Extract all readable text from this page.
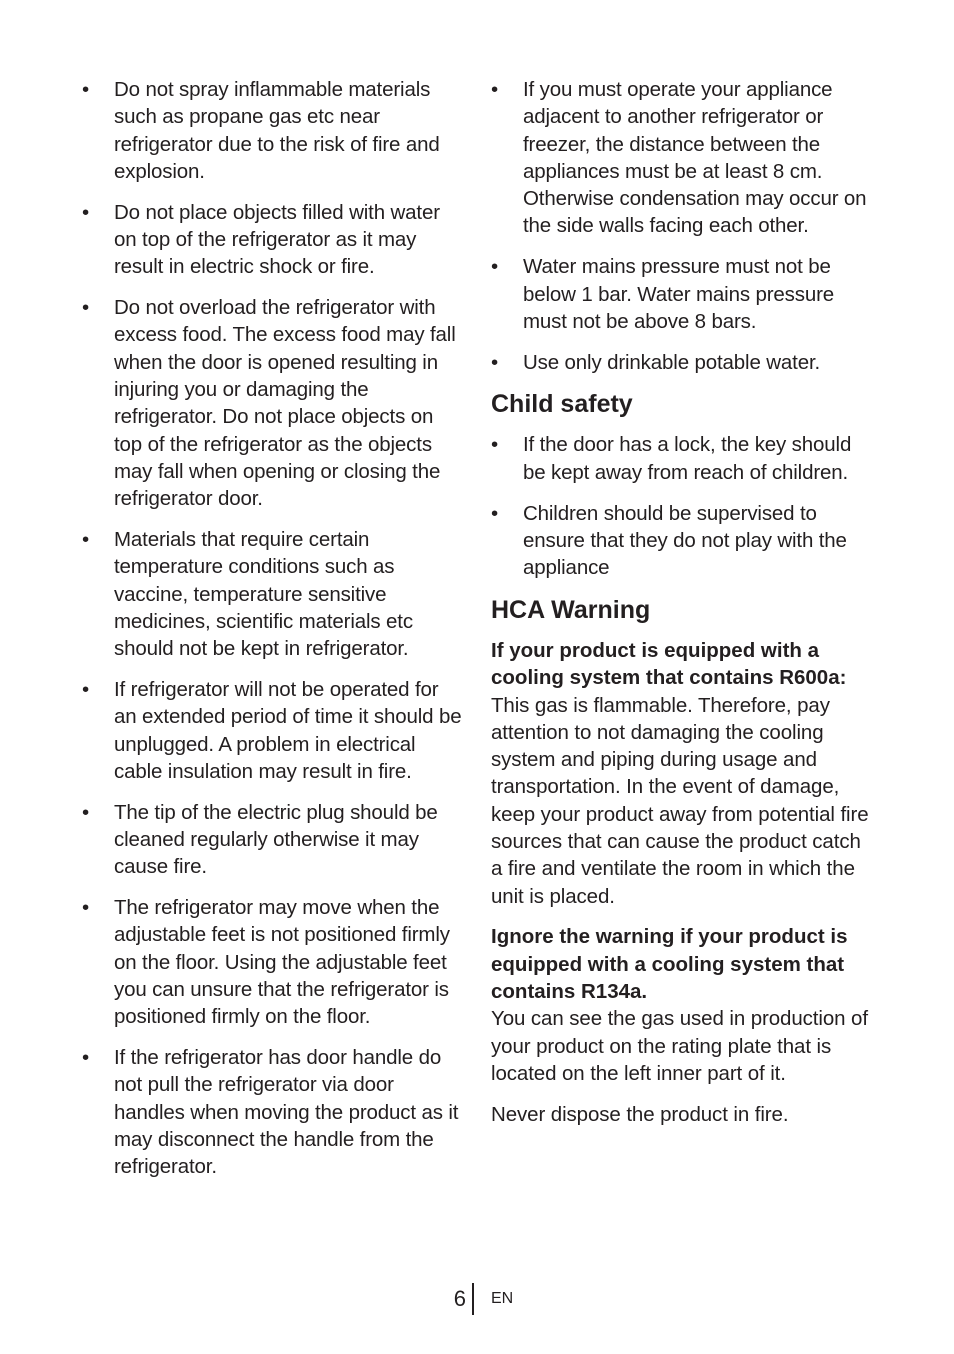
• Do not spray inflammable materials such as propane gas etc near refrigerator due to the risk of fire and explosion.
• Do not place objects filled with water on top of the refrigerator as it may result in electric shock or fire.
• Do not overload the refrigerator with excess food. The excess food may fall when the door is opened resulting in injuring you or damaging the refrigerator. Do not place objects on top of the refrigerator as the objects may fall when opening or closing the refrigerator door.
• Materials that require certain temperature conditions such as vaccine, temperature sensitive medicines, scientific materials etc should not be kept in refrigerator.
• If refrigerator will not be operated for an extended period of time it should be unplugged. A problem in electrical cable insulation may result in fire.
• The tip of the electric plug should be cleaned regularly otherwise it may cause fire.
• The refrigerator may move when the adjustable feet is not positioned firmly on the floor. Using the adjustable feet you can unsure that the refrigerator is positioned firmly on the floor.
• If the refrigerator has door handle do not pull the refrigerator via door handles when moving the product as it may disconnect the handle from the refrigerator.
• If you must operate your appliance adjacent to another refrigerator or freezer, the distance between the appliances must be at least 8 cm. Otherwise condensation may occur on the side walls facing each other.
• Water mains pressure must not be below 1 bar. Water mains pressure must not be above 8 bars.
• Use only drinkable potable water.
Child safety
• If the door has a lock, the key should be kept away from reach of children.
• Children should be supervised to ensure that they do not play with the appliance
HCA Warning
If your product is equipped with a cooling system that contains R600a:
This gas is flammable. Therefore, pay attention to not damaging the cooling system and piping during usage and transportation. In the event of damage, keep your product away from potential fire sources that can cause the product catch a fire and ventilate the room in which the unit is placed.
Ignore the warning if your product is equipped with a cooling system that contains R134a.
You can see the gas used in production of your product on the rating plate that is located on the left inner part of it.
Never dispose the product in fire.
6 EN
